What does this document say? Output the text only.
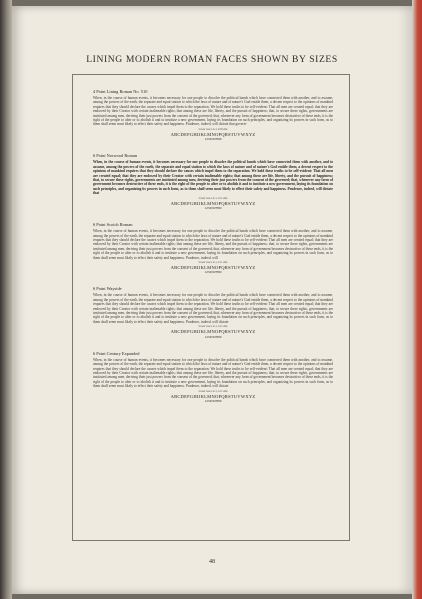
LINING MODERN ROMAN FACES SHOWN BY SIZES
4 Point Lining Roman No. 510

When, in the course of human events, it becomes necessary for one people to dissolve the political bands which have connected them with another, and to assume, among the powers of the earth, the separate and equal station to which the laws of nature and of nature's God entitle them, a decent respect to the opinions of mankind requires that they should declare the causes which impel them to the separation. We hold these truths to be self-evident: That all men are created equal; that they are endowed by their Creator with certain inalienable rights; that among these are life, liberty, and the pursuit of happiness; that, to secure these rights, governments are instituted among men, deriving their just powers from the consent of the governed; that, whenever any form of government becomes destructive of these ends, it is the right of the people to alter or to abolish it and to institute a new government, laying its foundation on such principles, and organizing its powers in such form, as to them shall seem most likely to effect their safety and happiness. Prudence, indeed, will dictate that govern-

Lower case a to z, 43.6 ems
ABCDEFGHIJKLMNOPQRSTUVWXYZ
1234567890
6 Point Norwood Roman

When, in the course of human events, it becomes necessary for one people to dissolve the political bands which have connected them with another, and to assume, among the powers of the earth, the separate and equal station to which the laws of nature and of nature's God entitle them, a decent respect to the opinions of mankind requires that they should declare the causes which impel them to the separation. We hold these truths to be self-evident: That all men are created equal; that they are endowed by their Creator with certain inalienable rights; that among these are life, liberty, and the pursuit of happiness; that, to secure these rights, governments are instituted among men, deriving their just powers from the consent of the governed; that, whenever any form of government becomes destructive of these ends, it is the right of the people to alter or to abolish it and to institute a new government, laying its foundation on such principles, and organizing its powers in such form, as to them shall seem most likely to effect their safety and happiness. Prudence, indeed, will dictate that

Lower case a to z, 12.1 ems
ABCDEFGHIJKLMNOPQRSTUVWXYZ
1234567890
6 Point Scotch Roman

When, in the course of human events, it becomes necessary for one people to dissolve the political bands which have connected them with another, and to assume, among the powers of the earth, the separate and equal station to which the laws of nature and of nature's God entitle them, a decent respect to the opinions of mankind requires that they should declare the causes which impel them to the separation. We hold these truths to be self-evident: That all men are created equal; that they are endowed by their Creator with certain inalienable rights; that among these are life, liberty, and the pursuit of happiness; that, to secure these rights, governments are instituted among men, deriving their just powers from the consent of the governed; that, whenever any form of government becomes destructive of these ends, it is the right of the people to alter or to abolish it and to institute a new government, laying its foundation on such principles, and organizing its powers in such form, as to them shall seem most likely to effect their safety and happiness. Prudence, indeed, will

Lower case a to z, 12.1 ems
ABCDEFGHIJKLMNOPQRSTUVWXYZ
1234567890
6 Point Wayside

When, in the course of human events, it becomes necessary for one people to dissolve the political bands which have connected them with another, and to assume, among the powers of the earth, the separate and equal station to which the laws of nature and of nature's God entitle them, a decent respect to the opinions of mankind requires that they should declare the causes which impel them to the separation. We hold these truths to be self-evident: That all men are created equal; that they are endowed by their Creator with certain inalienable rights; that among these are life, liberty, and the pursuit of happiness; that, to secure these rights, governments are instituted among men, deriving their just powers from the consent of the governed; that, whenever any form of government becomes destructive of these ends, it is the right of the people to alter or to abolish it and to institute a new government, laying its foundation on such principles, and organizing its powers in such form, as to them shall seem most likely to effect their safety and happiness. Prudence, indeed, will dictate

Lower case a to z, 12.1 ems
ABCDEFGHIJKLMNOPQRSTUVWXYZ
1234567890
6 Point Century Expanded

When, in the course of human events, it becomes necessary for one people to dissolve the political bands which have connected them with another, and to assume, among the powers of the earth, the separate and equal station to which the laws of nature and of nature's God entitle them, a decent respect to the opinions of mankind requires that they should declare the causes which impel them to the separation. We hold these truths to be self-evident: That all men are created equal; that they are endowed by their Creator with certain inalienable rights; that among these are life, liberty, and the pursuit of happiness; that, to secure these rights, governments are instituted among men, deriving their just powers from the consent of the governed; that, whenever any form of government becomes destructive of these ends, it is the right of the people to alter or to abolish it and to institute a new government, laying its foundation on such principles, and organizing its powers in such form, as to them shall seem most likely to effect their safety and happiness. Prudence, indeed, will dictate

Lower case a to z, 12.1 ems
ABCDEFGHIJKLMNOPQRSTUVWXYZ
1234567890
48
